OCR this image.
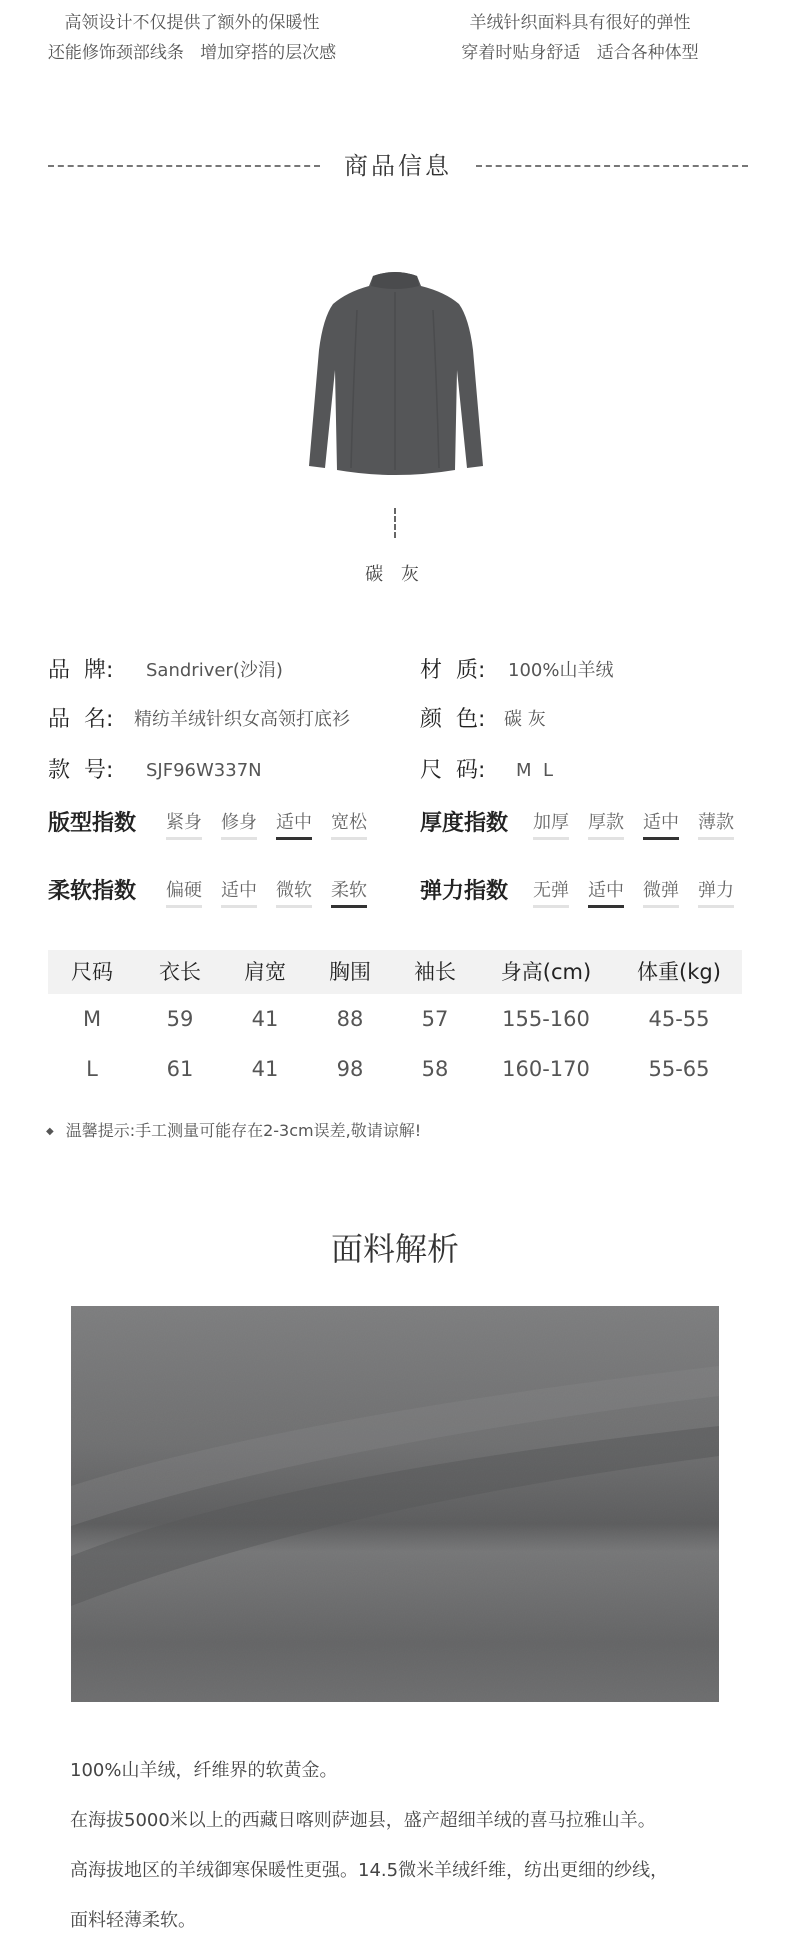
高领设计不仅提供了额外的保暖性
还能修饰颈部线条   增加穿搭的层次感
羊绒针织面料具有很好的弹性
穿着时贴身舒适   适合各种体型
商品信息
碳 灰
品  牌: Sandriver(沙涓)	材  质: 100%山羊绒
品  名: 精纺羊绒针织女高领打底衫	颜  色: 碳 灰
款  号: SJF96W337N	尺  码: M  L
版型指数 紧身 修身 适中 宽松 厚度指数 加厚 厚款 适中 薄款
柔软指数 偏硬 适中 微软 柔软 弹力指数 无弹 适中 微弹 弹力
尺码	衣长	肩宽	胸围	袖长	身高(cm)	体重(kg)
M	59	41	88	57	155-160	45-55
L	61	41	98	58	160-170	55-65
◆ 温馨提示:手工测量可能存在2-3cm误差,敬请谅解!
面料解析
100%山羊绒，纤维界的软黄金。
在海拔5000米以上的西藏日喀则萨迦县，盛产超细羊绒的喜马拉雅山羊。
高海拔地区的羊绒御寒保暖性更强。14.5微米羊绒纤维，纺出更细的纱线，
面料轻薄柔软。
